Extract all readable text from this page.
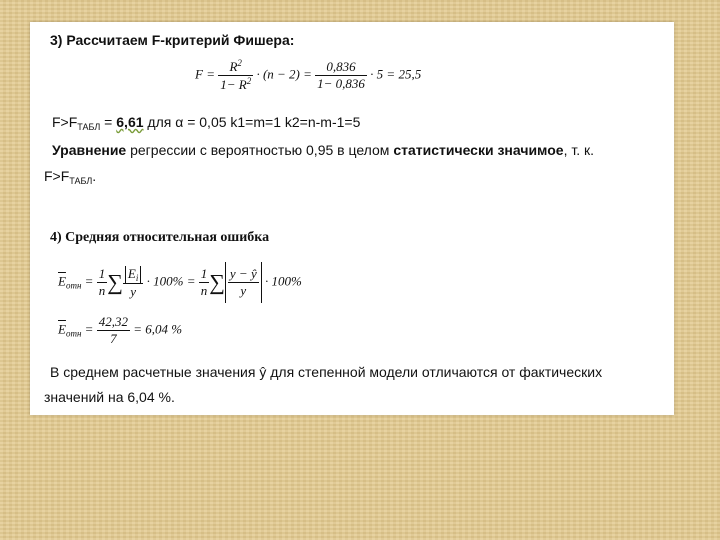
3) Рассчитаем F-критерий Фишера:
$F = \frac{R^2}{1- R^2} \cdot (n - 2) = \frac{0,836}{1- 0,836} \cdot 5 = 25,5$
$F>F_{ТАБЛ} = 6,61$ для α = 0,05 k1=m=1 k2=n-m-1=5
Уравнение регрессии с вероятностью 0,95 в целом статистически значимое, т. к.
$F>F_{ТАБЛ}$.
4) Средняя относительная ошибка
$\overline{E}_{отн} = \frac{1}{n}$ ∑ $\frac{E_i}{y} \cdot 100\% = \frac{1}{n}$ ∑ $\frac{y - ŷ}{y} \cdot 100\%$
$\overline{E}_{отн} = \frac{42,32}{7} = 6,04$ %
В среднем расчетные значения ŷ для степенной модели отличаются от фактических
значений на 6,04 %.
